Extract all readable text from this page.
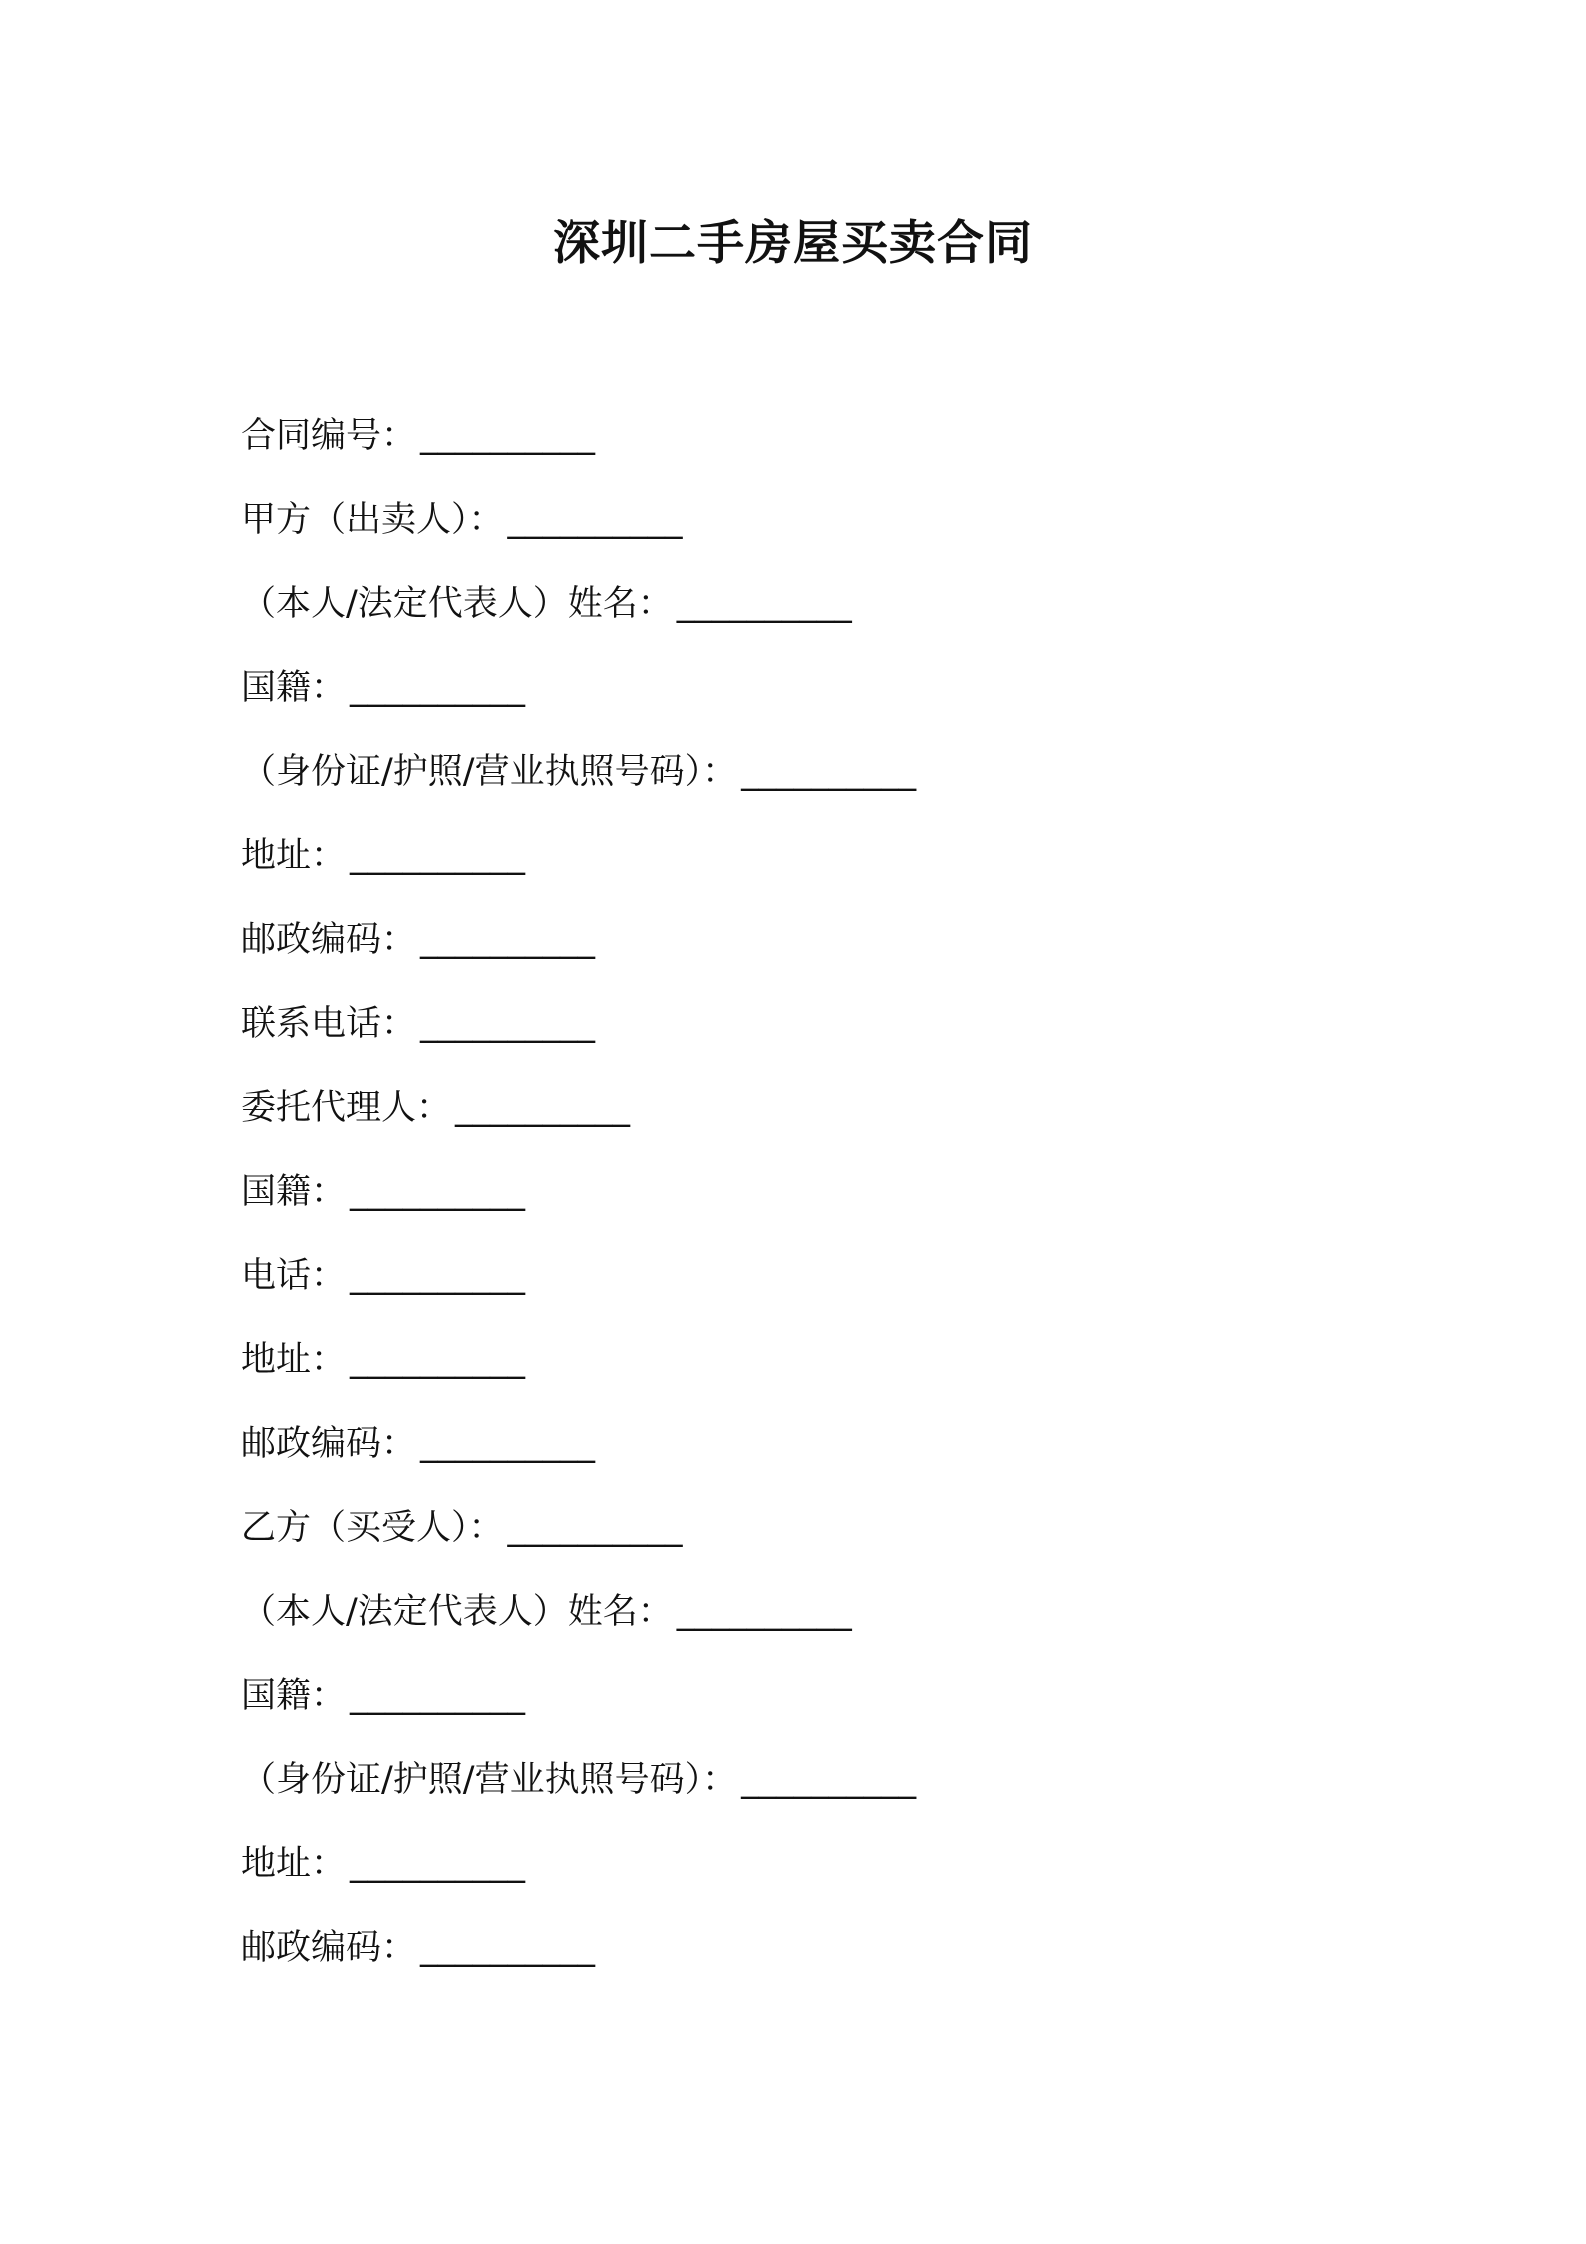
深圳二手房屋买卖合同
合同编号： __________
甲方（出卖人）： __________
（本人/法定代表人）姓名： __________
国籍： __________
（身份证/护照/营业执照号码）： __________
地址： __________
邮政编码： __________
联系电话： __________
委托代理人： __________
国籍： __________
电话： __________
地址： __________
邮政编码： __________
乙方（买受人）： __________
（本人/法定代表人）姓名： __________
国籍： __________
（身份证/护照/营业执照号码）： __________
地址： __________
邮政编码： __________
